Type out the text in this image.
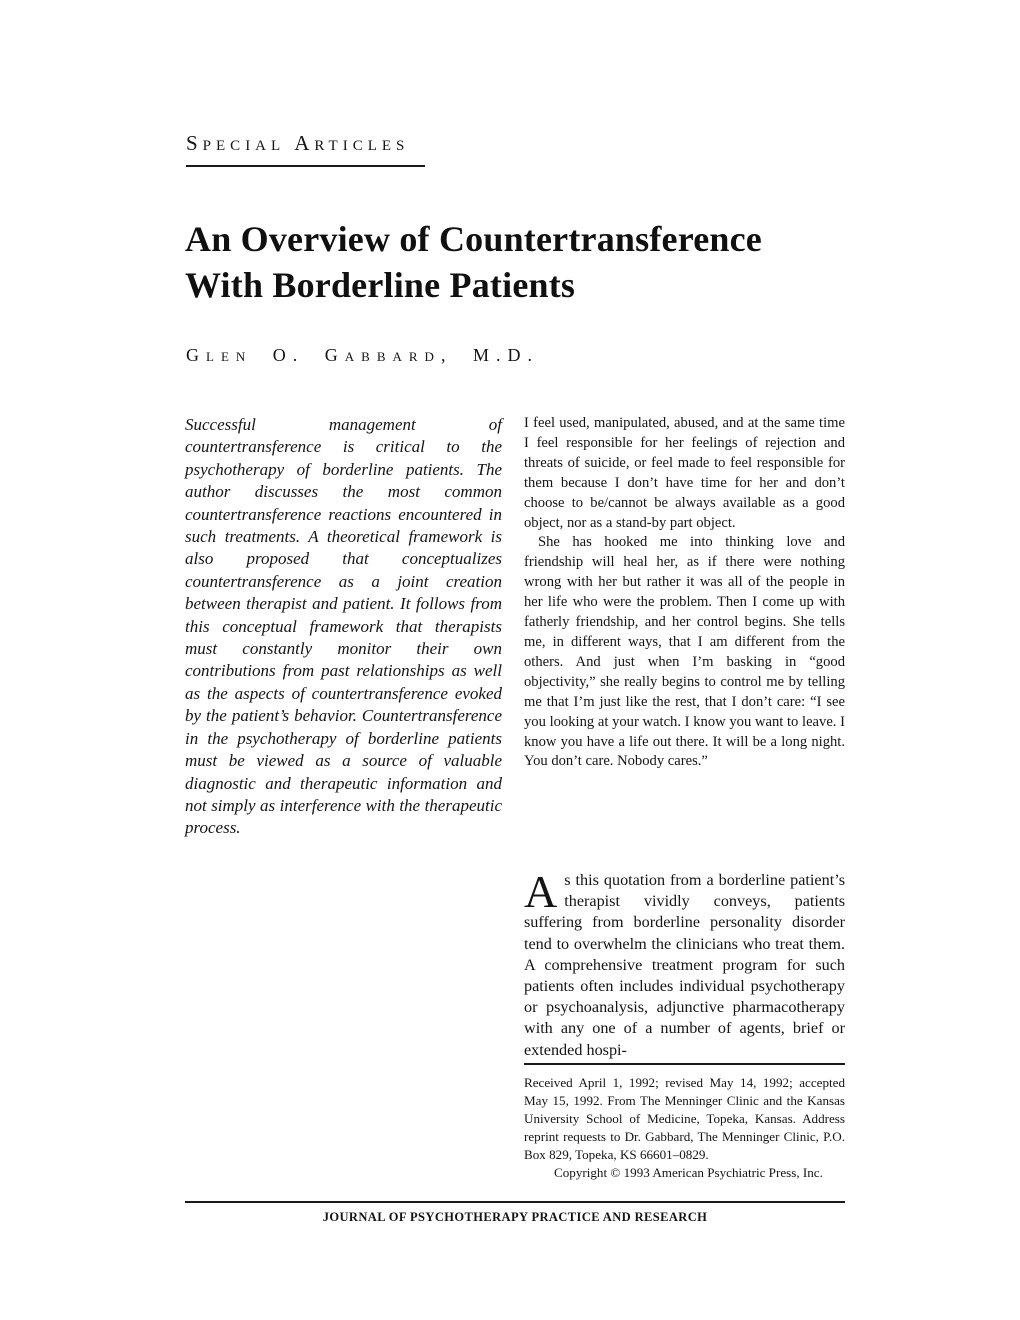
Special Articles
An Overview of Countertransference
With Borderline Patients
Glen O. Gabbard, M.D.

Successful management of countertransference is critical to the psychotherapy of borderline patients. The author discusses the most common countertransference reactions encountered in such treatments. A theoretical framework is also proposed that conceptualizes countertransference as a joint creation between therapist and patient. It follows from this conceptual framework that therapists must constantly monitor their own contributions from past relationships as well as the aspects of countertransference evoked by the patient’s behavior. Countertransference in the psychotherapy of borderline patients must be viewed as a source of valuable diagnostic and therapeutic information and not simply as interference with the therapeutic process.

I feel used, manipulated, abused, and at the same time I feel responsible for her feelings of rejection and threats of suicide, or feel made to feel responsible for them because I don’t have time for her and don’t choose to be/cannot be always available as a good object, nor as a stand-by part object.

She has hooked me into thinking love and friendship will heal her, as if there were nothing wrong with her but rather it was all of the people in her life who were the problem. Then I come up with fatherly friendship, and her control begins. She tells me, in different ways, that I am different from the others. And just when I’m basking in “good objectivity,” she really begins to control me by telling me that I’m just like the rest, that I don’t care: “I see you looking at your watch. I know you want to leave. I know you have a life out there. It will be a long night. You don’t care. Nobody cares.”

As this quotation from a borderline patient’s therapist vividly conveys, patients suffering from borderline personality disorder tend to overwhelm the clinicians who treat them. A comprehensive treatment program for such patients often includes individual psychotherapy or psychoanalysis, adjunctive pharmacotherapy with any one of a number of agents, brief or extended hospi-

Received April 1, 1992; revised May 14, 1992; accepted May 15, 1992. From The Menninger Clinic and the Kansas University School of Medicine, Topeka, Kansas. Address reprint requests to Dr. Gabbard, The Menninger Clinic, P.O. Box 829, Topeka, KS 66601–0829.

Copyright © 1993 American Psychiatric Press, Inc.

JOURNAL OF PSYCHOTHERAPY PRACTICE AND RESEARCH
